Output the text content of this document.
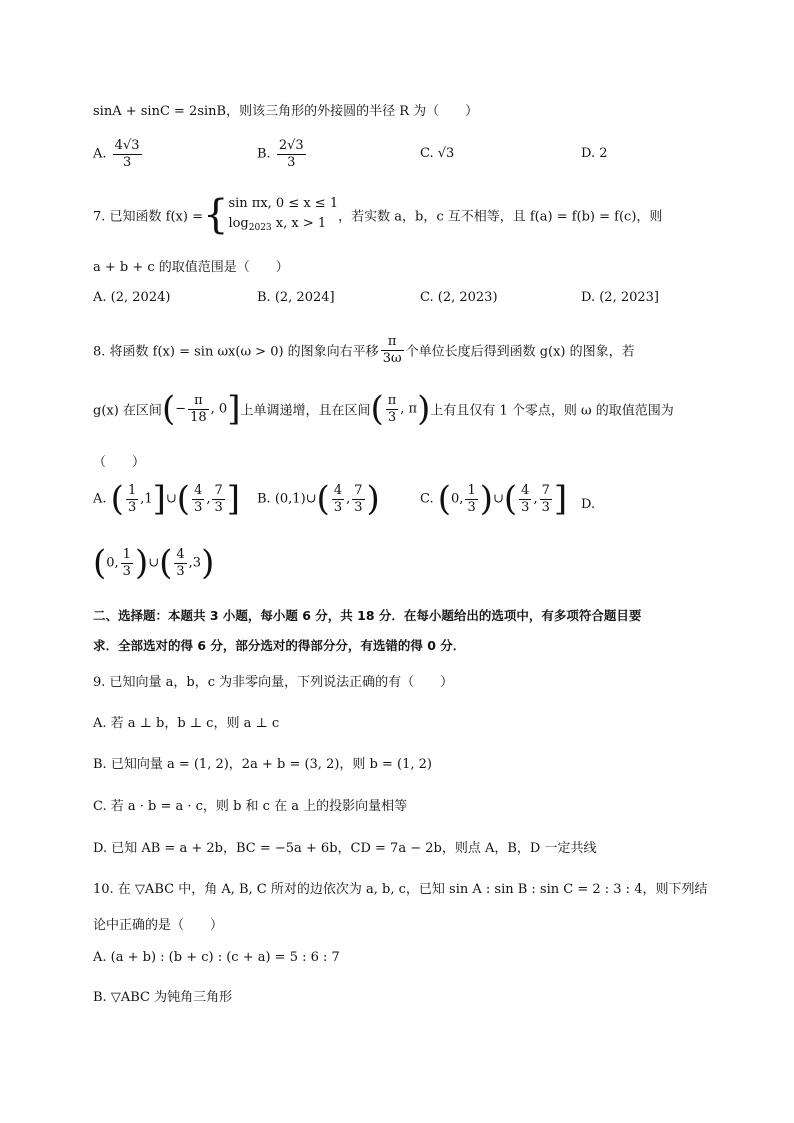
sinA + sinC = 2sinB，则该三角形的外接圆的半径 R 为（　　）
A. $\frac{4√3}{3}$	B. $\frac{2√3}{3}$	C. √3	D. 2
7. 已知函数 f(x) ={ sin πx, 0 ≤ x ≤ 1
$\log_{2023} x$, x > 1 ，若实数 a，b，c 互不相等，且 f(a) = f(b) = f(c)，则
a + b + c 的取值范围是（　　）
A. (2, 2024)	B. (2, 2024]	C. (2, 2023)	D. (2, 2023]
8. 将函数 f(x) = sin ωx(ω > 0) 的图象向右平移 $\frac{\pi}{3\omega}$ 个单位长度后得到函数 g(x) 的图象，若
g(x) 在区间(− $\frac{\pi}{18}$ , 0]上单调递增，且在区间( $\frac{\pi}{3}$ , π)上有且仅有 1 个零点，则 ω 的取值范围为
（　　）
A. ( $\frac{1}{3}$ ,1]∪( $\frac{4}{3}$ , $\frac{7}{3}$ ] B. (0,1)∪( $\frac{4}{3}$ , $\frac{7}{3}$ )	C. (0, $\frac{1}{3}$ )∪( $\frac{4}{3}$ , $\frac{7}{3}$ ] D.
(0, $\frac{1}{3}$ )∪( $\frac{4}{3} ,3$)
二、选择题：本题共 3 小题，每小题 6 分，共 18 分．在每小题给出的选项中，有多项符合题目要
求．全部选对的得 6 分，部分选对的得部分分，有选错的得 0 分．
9. 已知向量 a，b，c 为非零向量，下列说法正确的有（　　）
A. 若 a ⊥ b，b ⊥ c，则 a ⊥ c
B. 已知向量 a = (1, 2)，2a + b = (3, 2)，则 b = (1, 2)
C. 若 a · b = a · c，则 b 和 c 在 a 上的投影向量相等
D. 已知 AB = a + 2b，BC = −5a + 6b，CD = 7a − 2b，则点 A，B，D 一定共线
10. 在 ▽ABC 中，角 A, B, C 所对的边依次为 a, b, c，已知 sin A : sin B : sin C = 2 : 3 : 4，则下列结
论中正确的是（　　）
A. (a + b) : (b + c) : (c + a) = 5 : 6 : 7
B. ▽ABC 为钝角三角形
